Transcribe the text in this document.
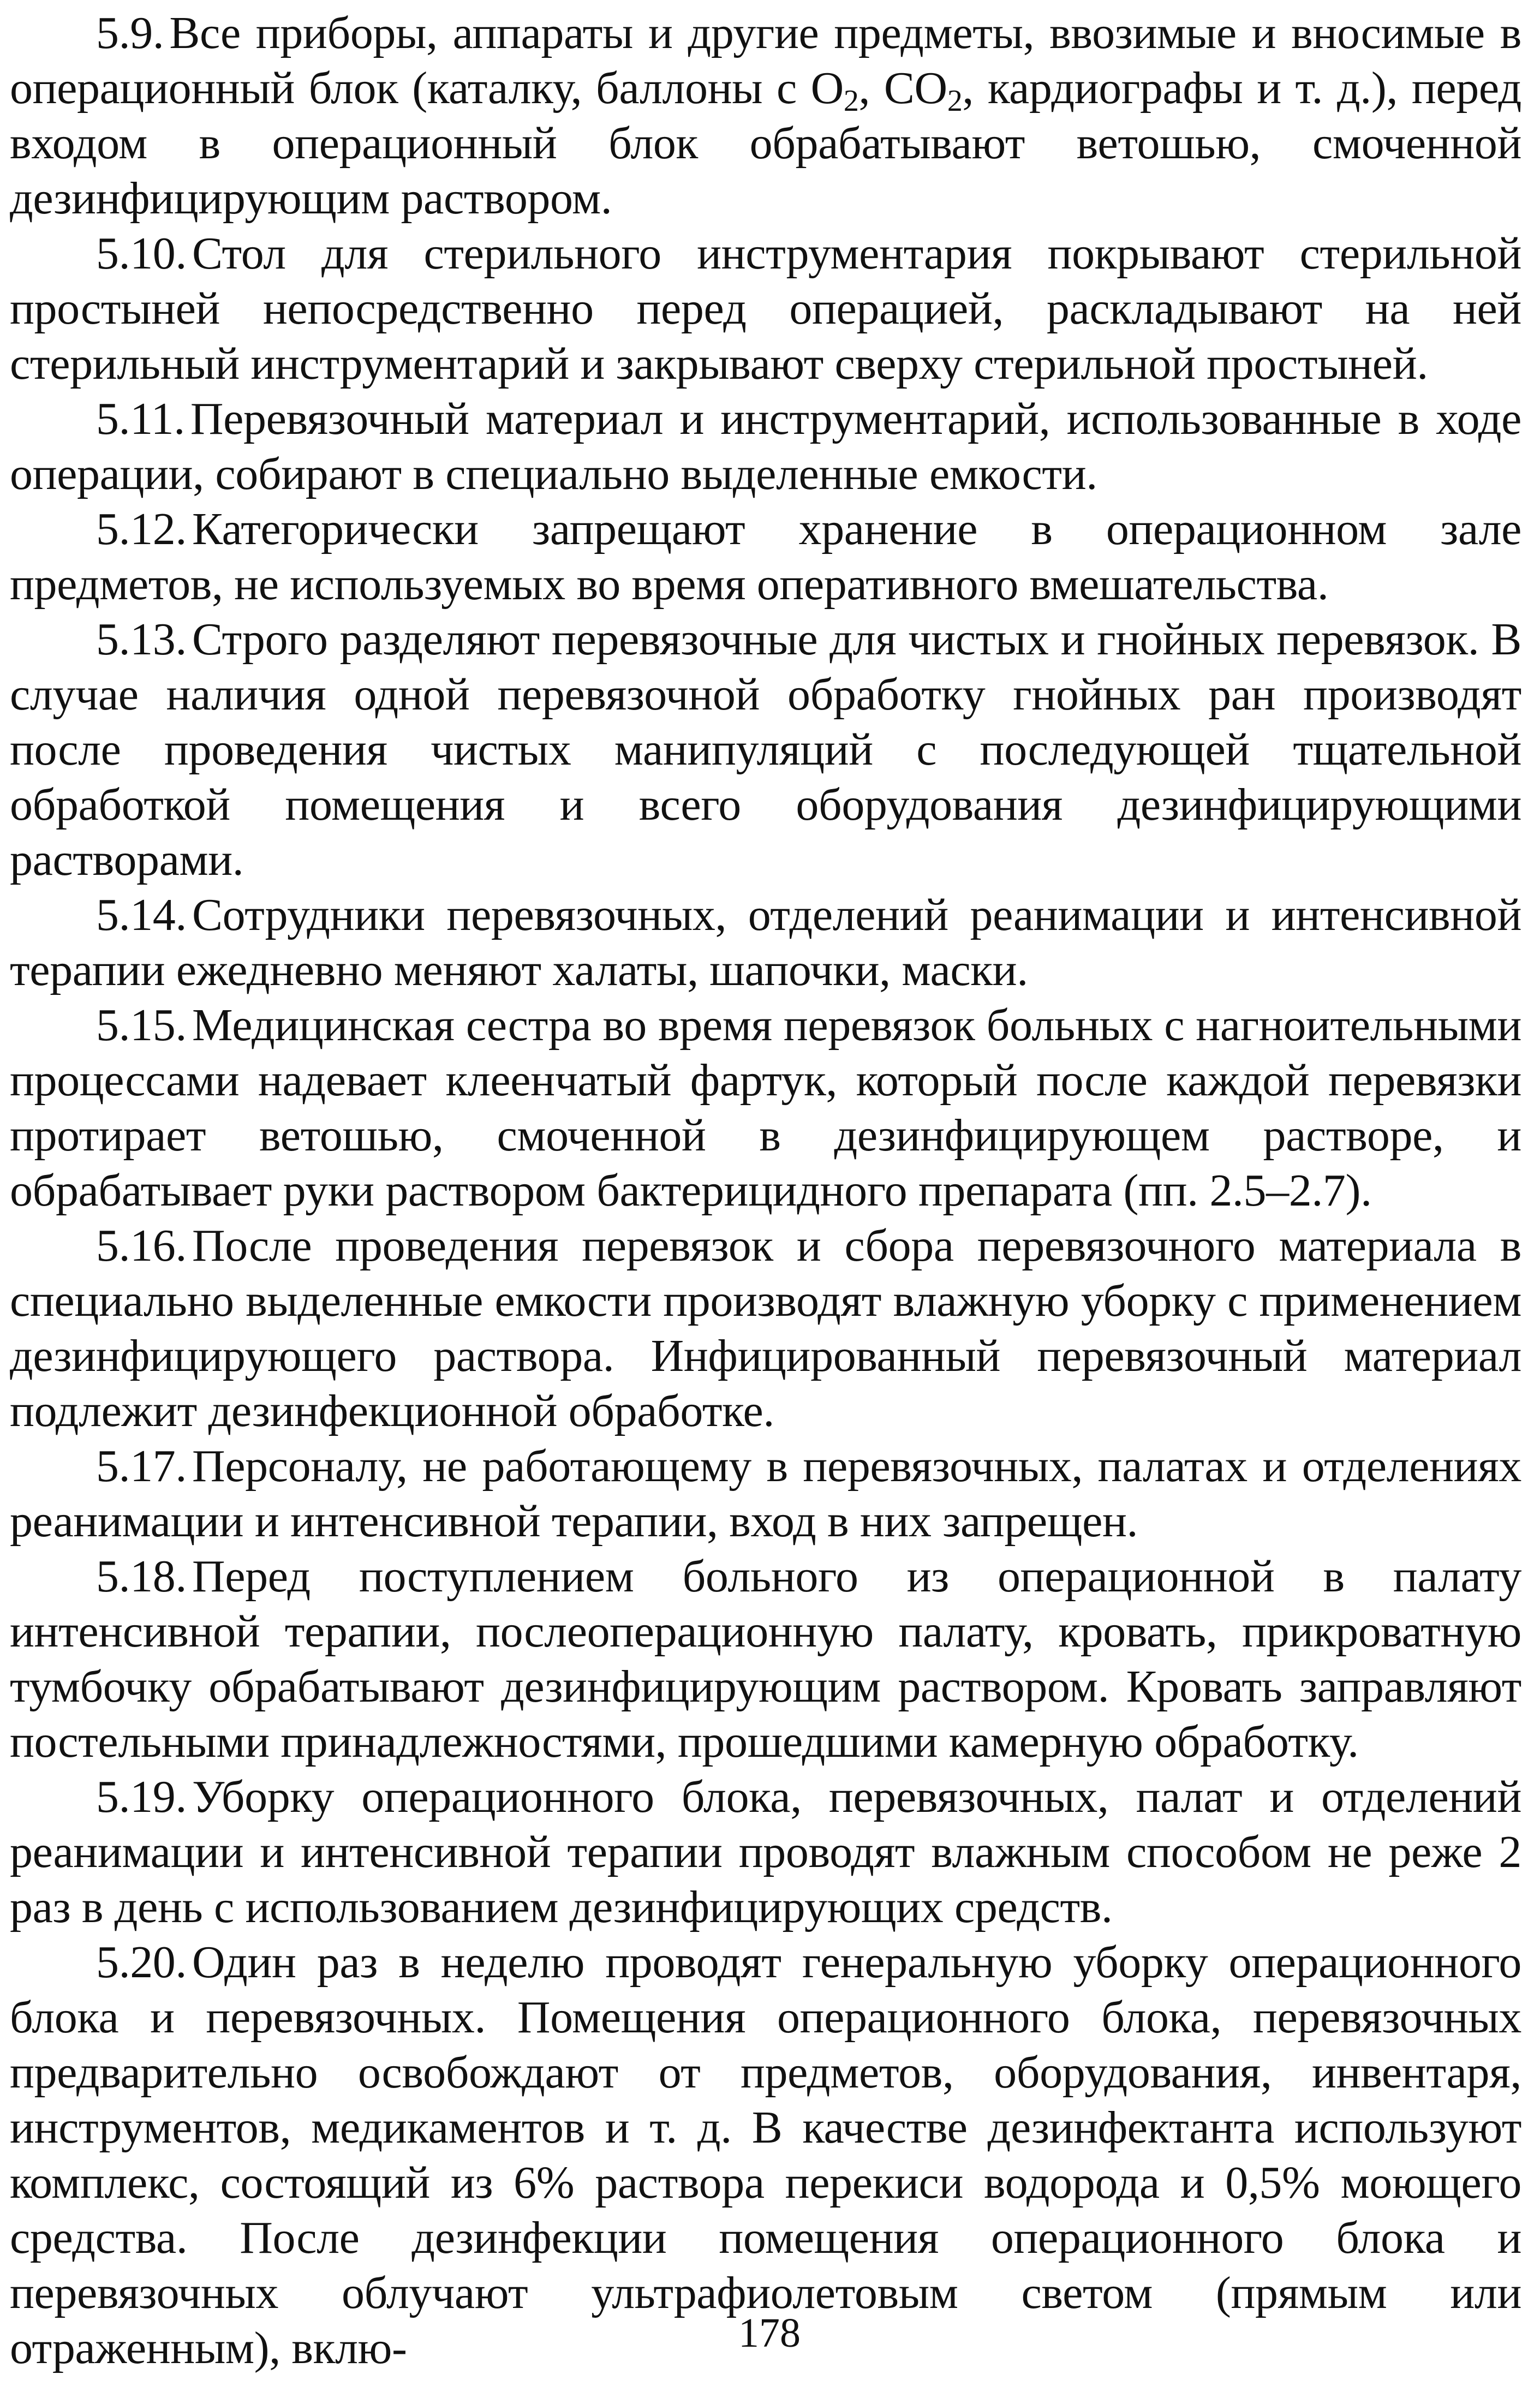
5.9. Все приборы, аппараты и другие предметы, ввозимые и вносимые в операционный блок (каталку, баллоны с $O_2$, $CO_2$, кардиографы и т. д.), перед входом в операционный блок обрабатывают ветошью, смоченной дезинфицирующим раствором.

5.10. Стол для стерильного инструментария покрывают стерильной простыней непосредственно перед операцией, раскладывают на ней стерильный инструментарий и закрывают сверху стерильной простыней.

5.11. Перевязочный материал и инструментарий, использованные в ходе операции, собирают в специально выделенные емкости.

5.12. Категорически запрещают хранение в операционном зале предметов, не используемых во время оперативного вмешательства.

5.13. Строго разделяют перевязочные для чистых и гнойных перевязок. В случае наличия одной перевязочной обработку гнойных ран производят после проведения чистых манипуляций с последующей тщательной обработкой помещения и всего оборудования дезинфицирующими растворами.

5.14. Сотрудники перевязочных, отделений реанимации и интенсивной терапии ежедневно меняют халаты, шапочки, маски.

5.15. Медицинская сестра во время перевязок больных с нагноительными процессами надевает клеенчатый фартук, который после каждой перевязки протирает ветошью, смоченной в дезинфицирующем растворе, и обрабатывает руки раствором бактерицидного препарата (пп. 2.5–2.7).

5.16. После проведения перевязок и сбора перевязочного материала в специально выделенные емкости производят влажную уборку с применением дезинфицирующего раствора. Инфицированный перевязочный материал подлежит дезинфекционной обработке.

5.17. Персоналу, не работающему в перевязочных, палатах и отделениях реанимации и интенсивной терапии, вход в них запрещен.

5.18. Перед поступлением больного из операционной в палату интенсивной терапии, послеоперационную палату, кровать, прикроватную тумбочку обрабатывают дезинфицирующим раствором. Кровать заправляют постельными принадлежностями, прошедшими камерную обработку.

5.19. Уборку операционного блока, перевязочных, палат и отделений реанимации и интенсивной терапии проводят влажным способом не реже 2 раз в день с использованием дезинфицирующих средств.

5.20. Один раз в неделю проводят генеральную уборку операционного блока и перевязочных. Помещения операционного блока, перевязочных предварительно освобождают от предметов, оборудования, инвентаря, инструментов, медикаментов и т. д. В качестве дезинфектанта используют комплекс, состоящий из 6% раствора перекиси водорода и 0,5% моющего средства. После дезинфекции помещения операционного блока и перевязочных облучают ультрафиолетовым светом (прямым или отраженным), вклю-	178
